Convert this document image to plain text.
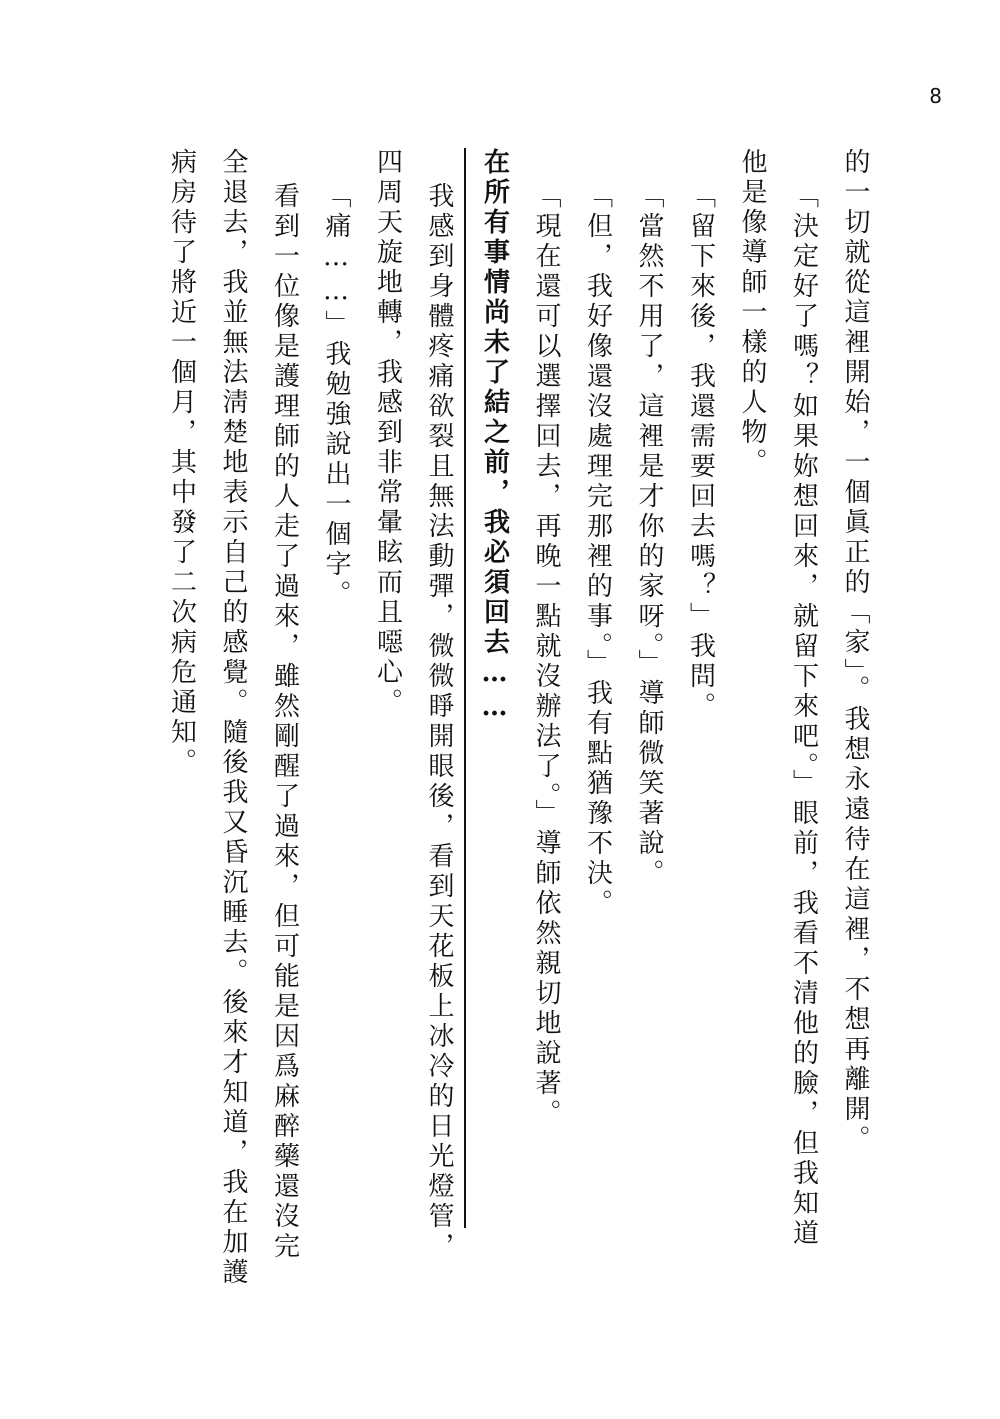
8
的一切就從這裡開始，一個眞正的「家」。我想永遠待在這裡，不想再離開。
「決定好了嗎？如果妳想回來，就留下來吧。」眼前，我看不清他的臉，但我知道
他是像導師一樣的人物。
「留下來後，我還需要回去嗎？」我問。
「當然不用了，這裡是才你的家呀。」導師微笑著說。
「但，我好像還沒處理完那裡的事。」我有點猶豫不決。
「現在還可以選擇回去，再晚一點就沒辦法了。」導師依然親切地說著。
在所有事情尚未了結之前，我必須回去……
我感到身體疼痛欲裂且無法動彈，微微睜開眼後，看到天花板上冰冷的日光燈管，
四周天旋地轉，我感到非常暈眩而且噁心。
「痛……」我勉強說出一個字。
看到一位像是護理師的人走了過來，雖然剛醒了過來，但可能是因爲麻醉藥還沒完
全退去，我並無法淸楚地表示自己的感覺。隨後我又昏沉睡去。後來才知道，我在加護
病房待了將近一個月，其中發了二次病危通知。
